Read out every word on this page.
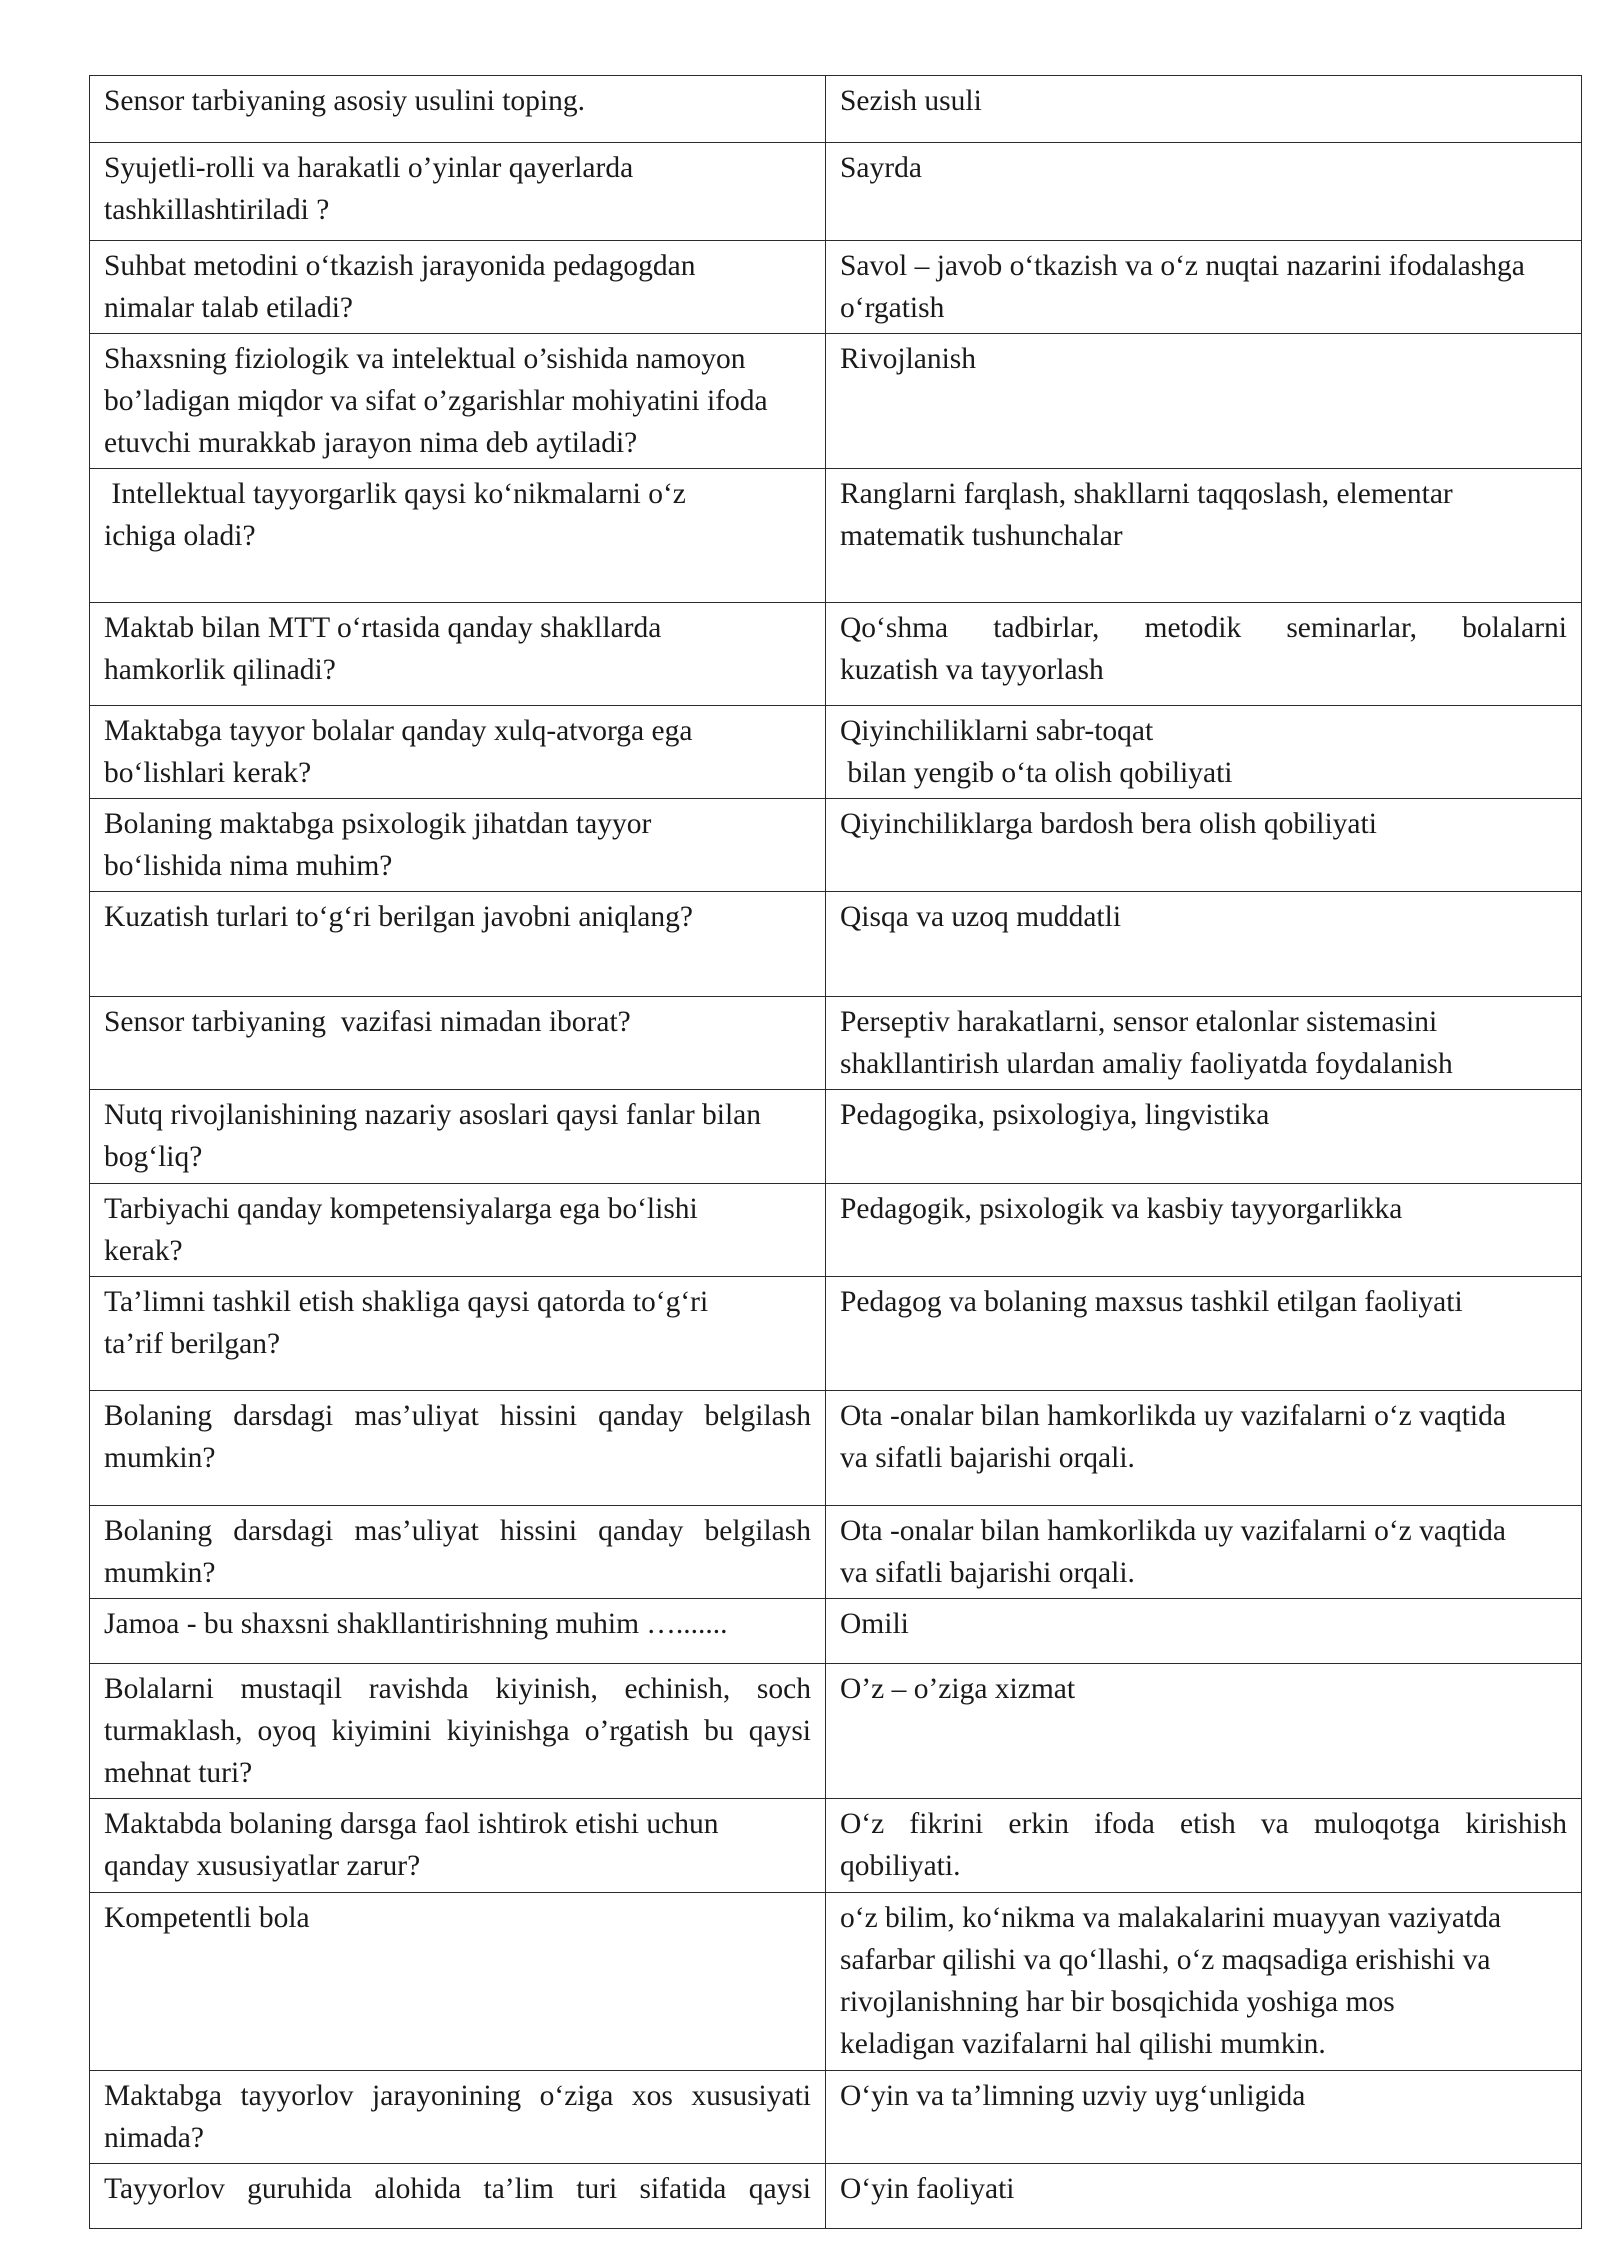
Sensor tarbiyaning asosiy usulini toping.	Sezish usuli

Syujetli-rolli va harakatli o’yinlar qayerlarda
tashkillashtiriladi ?	Sayrda

Suhbat metodini o‘tkazish jarayonida pedagogdan
nimalar talab etiladi?	Savol – javob o‘tkazish va o‘z nuqtai nazarini ifodalashga
o‘rgatish

Shaxsning fiziologik va intelektual o’sishida namoyon
bo’ladigan miqdor va sifat o’zgarishlar mohiyatini ifoda
etuvchi murakkab jarayon nima deb aytiladi?	Rivojlanish

Intellektual tayyorgarlik qaysi ko‘nikmalarni o‘z
ichiga oladi?	Ranglarni farqlash, shakllarni taqqoslash, elementar
matematik tushunchalar

Maktab bilan MTT o‘rtasida qanday shakllarda
hamkorlik qilinadi?	Qo‘shma tadbirlar, metodik seminarlar, bolalarni
kuzatish va tayyorlash

Maktabga tayyor bolalar qanday xulq-atvorga ega
bo‘lishlari kerak?	Qiyinchiliklarni sabr-toqat
bilan yengib o‘ta olish qobiliyati

Bolaning maktabga psixologik jihatdan tayyor
bo‘lishida nima muhim?	Qiyinchiliklarga bardosh bera olish qobiliyati

Kuzatish turlari to‘g‘ri berilgan javobni aniqlang?	Qisqa va uzoq muddatli

Sensor tarbiyaning  vazifasi nimadan iborat?	Perseptiv harakatlarni, sensor etalonlar sistemasini
shakllantirish ulardan amaliy faoliyatda foydalanish

Nutq rivojlanishining nazariy asoslari qaysi fanlar bilan
bog‘liq?	Pedagogika, psixologiya, lingvistika

Tarbiyachi qanday kompetensiyalarga ega bo‘lishi
kerak?	Pedagogik, psixologik va kasbiy tayyorgarlikka

Ta’limni tashkil etish shakliga qaysi qatorda to‘g‘ri
ta’rif berilgan?	Pedagog va bolaning maxsus tashkil etilgan faoliyati

Bolaning darsdagi mas’uliyat hissini qanday belgilash
mumkin?	Ota -onalar bilan hamkorlikda uy vazifalarni o‘z vaqtida
va sifatli bajarishi orqali.

Bolaning darsdagi mas’uliyat hissini qanday belgilash
mumkin?	Ota -onalar bilan hamkorlikda uy vazifalarni o‘z vaqtida
va sifatli bajarishi orqali.

Jamoa - bu shaxsni shakllantirishning muhim ….......	Omili

Bolalarni mustaqil ravishda kiyinish, echinish, soch
turmaklash, oyoq kiyimini kiyinishga o’rgatish bu qaysi
mehnat turi?	O’z – o’ziga xizmat

Maktabda bolaning darsga faol ishtirok etishi uchun
qanday xususiyatlar zarur?	O‘z fikrini erkin ifoda etish va muloqotga kirishish
qobiliyati.

Kompetentli bola	o‘z bilim, ko‘nikma va malakalarini muayyan vaziyatda
safarbar qilishi va qo‘llashi, o‘z maqsadiga erishishi va
rivojlanishning har bir bosqichida yoshiga mos
keladigan vazifalarni hal qilishi mumkin.

Maktabga tayyorlov jarayonining o‘ziga xos xususiyati
nimada?	O‘yin va ta’limning uzviy uyg‘unligida

Tayyorlov guruhida alohida ta’lim turi sifatida qaysi	O‘yin faoliyati
